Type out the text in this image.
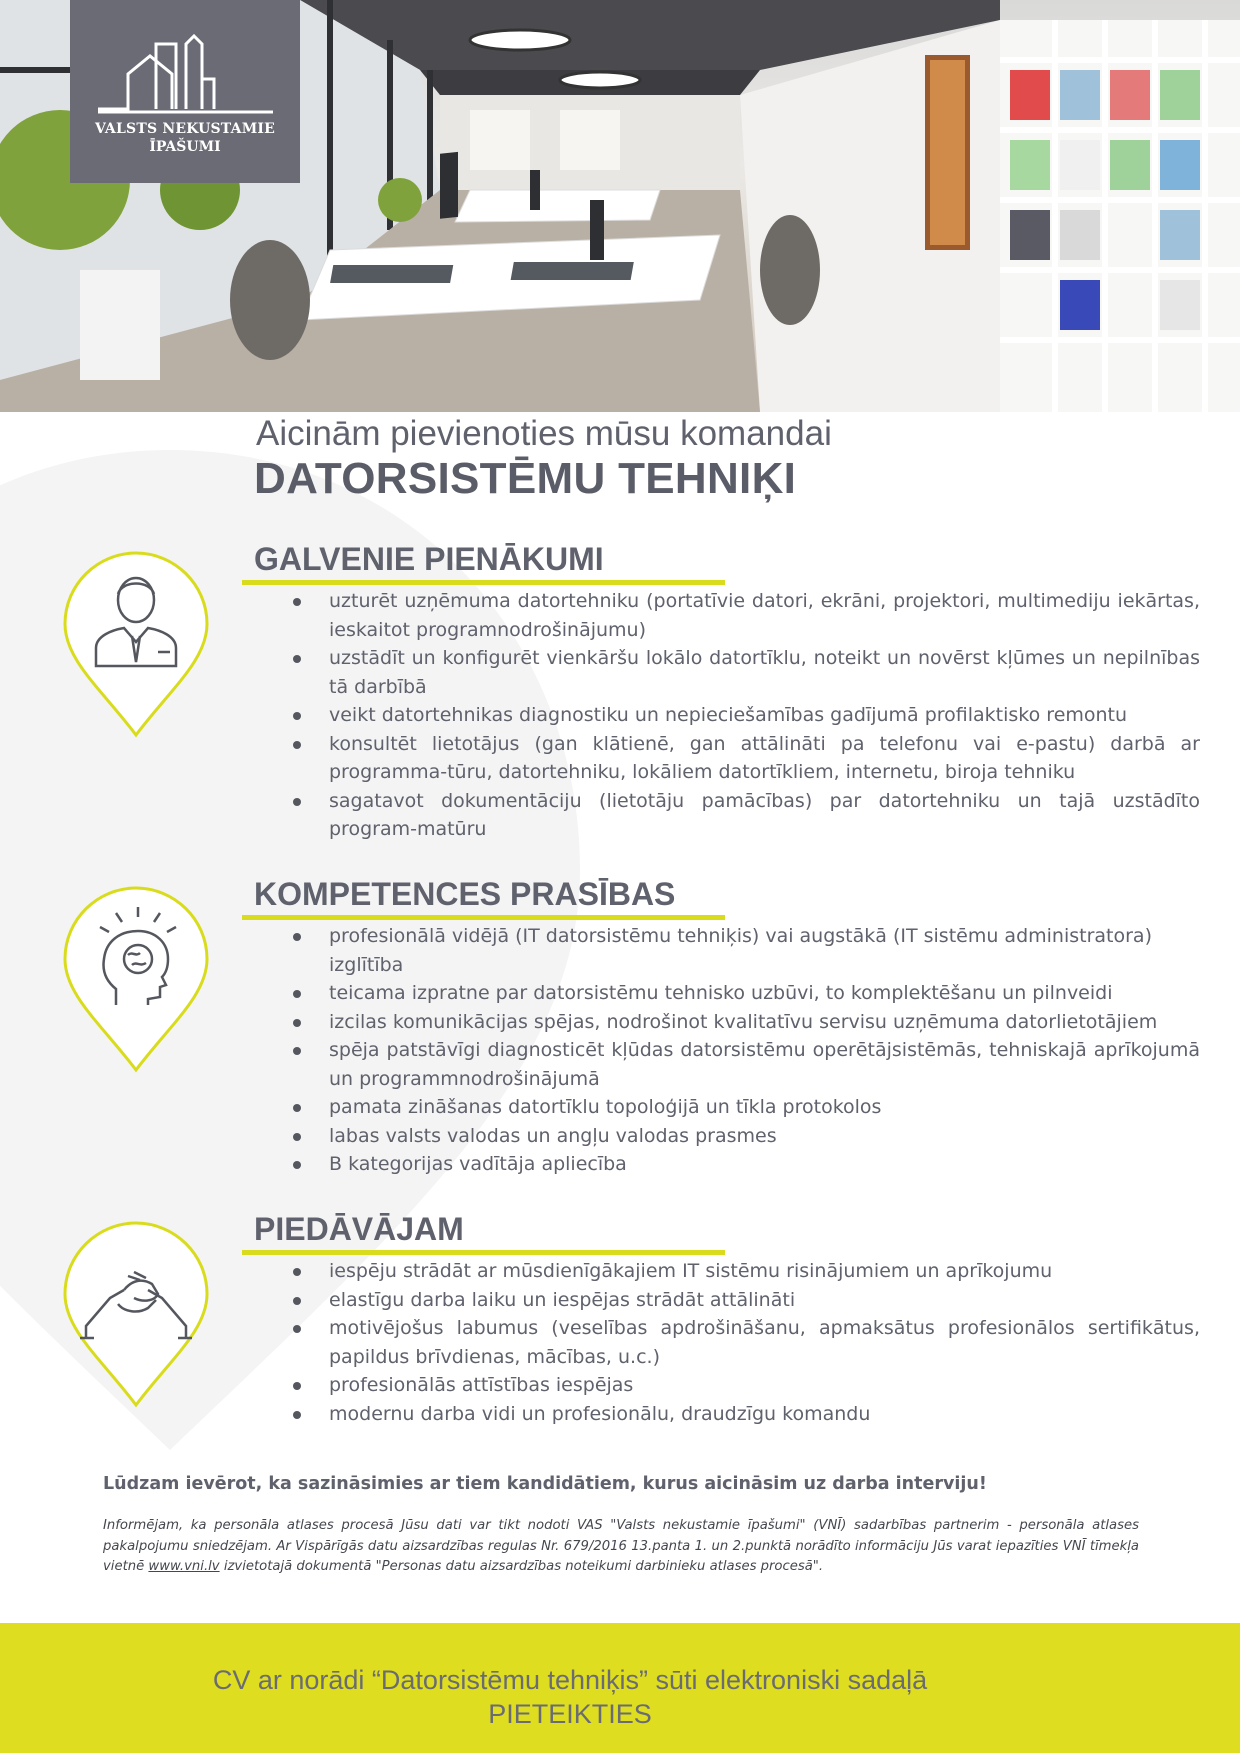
VALSTS NEKUSTAMIE
ĪPAŠUMI
Aicinām pievienoties mūsu komandai
DATORSISTĒMU TEHNIĶI
GALVENIE PIENĀKUMI
uzturēt uzņēmuma datortehniku (portatīvie datori, ekrāni, projektori, multimediju iekārtas, ieskaitot programnodrošinājumu)
uzstādīt un konfigurēt vienkāršu lokālo datortīklu, noteikt un novērst kļūmes un nepilnības tā darbībā
veikt datortehnikas diagnostiku un nepieciešamības gadījumā profilaktisko remontu
konsultēt lietotājus (gan klātienē, gan attālināti pa telefonu vai e-pastu) darbā ar programma-tūru, datortehniku, lokāliem datortīkliem, internetu, biroja tehniku
sagatavot dokumentāciju (lietotāju pamācības) par datortehniku un tajā uzstādīto program-matūru
KOMPETENCES PRASĪBAS
profesionālā vidējā (IT datorsistēmu tehniķis) vai augstākā (IT sistēmu administratora) izglītība
teicama izpratne par datorsistēmu tehnisko uzbūvi, to komplektēšanu un pilnveidi
izcilas komunikācijas spējas, nodrošinot kvalitatīvu servisu uzņēmuma datorlietotājiem
spēja patstāvīgi diagnosticēt kļūdas datorsistēmu operētājsistēmās, tehniskajā aprīkojumā un programmnodrošinājumā
pamata zināšanas datortīklu topoloģijā un tīkla protokolos
labas valsts valodas un angļu valodas prasmes
B kategorijas vadītāja apliecība
PIEDĀVĀJAM
iespēju strādāt ar mūsdienīgākajiem IT sistēmu risinājumiem un aprīkojumu
elastīgu darba laiku un iespējas strādāt attālināti
motivējošus labumus (veselības apdrošināšanu, apmaksātus profesionālos sertifikātus, papildus brīvdienas, mācības, u.c.)
profesionālās attīstības iespējas
modernu darba vidi un profesionālu, draudzīgu komandu
Lūdzam ievērot, ka sazināsimies ar tiem kandidātiem, kurus aicināsim uz darba interviju!
Informējam, ka personāla atlases procesā Jūsu dati var tikt nodoti VAS "Valsts nekustamie īpašumi" (VNĪ) sadarbības partnerim - personāla atlases pakalpojumu sniedzējam. Ar Vispārīgās datu aizsardzības regulas Nr. 679/2016 13.panta 1. un 2.punktā norādīto informāciju Jūs varat iepazīties VNĪ tīmekļa vietnē www.vni.lv izvietotajā dokumentā "Personas datu aizsardzības noteikumi darbinieku atlases procesā".
CV ar norādi “Datorsistēmu tehniķis” sūti elektroniski sadaļā
PIETEIKTIES
